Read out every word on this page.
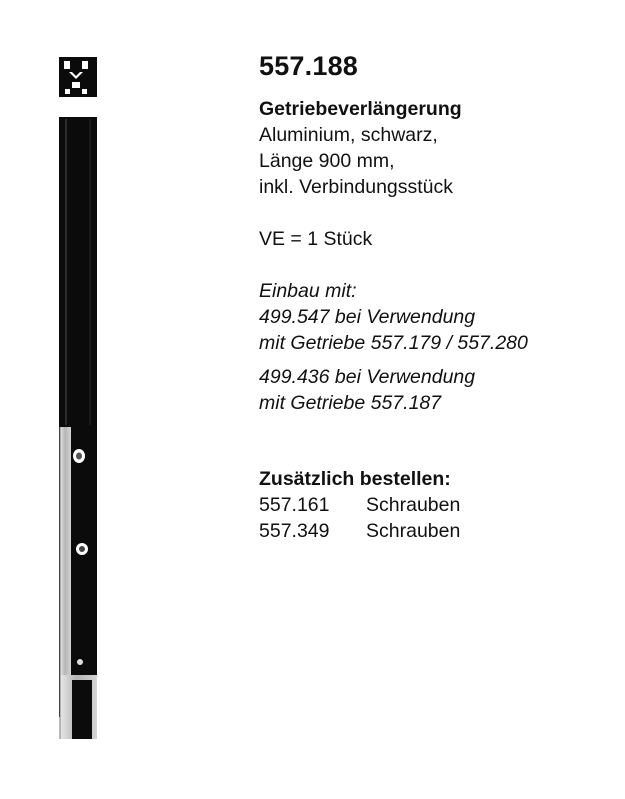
557.188
Getriebeverlängerung
Aluminium, schwarz,
Länge 900 mm,
inkl. Verbindungsstück
VE = 1 Stück
Einbau mit:
499.547 bei Verwendung
mit Getriebe 557.179 / 557.280
499.436 bei Verwendung
mit Getriebe 557.187
Zusätzlich bestellen:
557.161	Schrauben
557.349	Schrauben
